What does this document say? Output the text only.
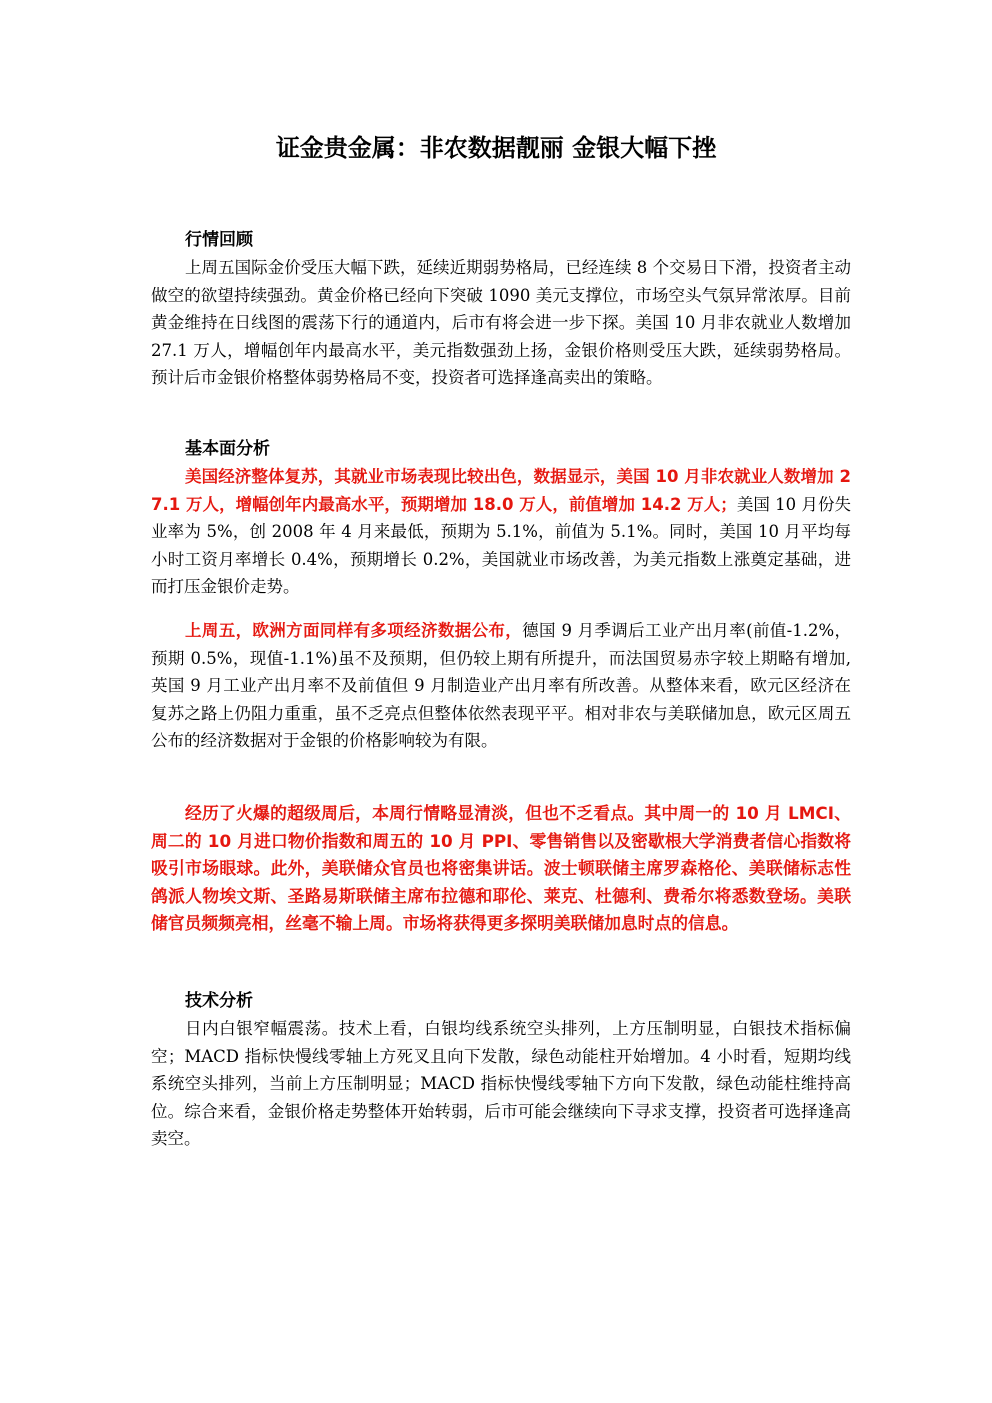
证金贵金属：非农数据靓丽 金银大幅下挫

行情回顾

上周五国际金价受压大幅下跌，延续近期弱势格局，已经连续 8 个交易日下滑，投资者主动做空的欲望持续强劲。黄金价格已经向下突破 1090 美元支撑位，市场空头气氛异常浓厚。目前黄金维持在日线图的震荡下行的通道内，后市有将会进一步下探。美国 10 月非农就业人数增加 27.1 万人，增幅创年内最高水平，美元指数强劲上扬，金银价格则受压大跌，延续弱势格局。预计后市金银价格整体弱势格局不变，投资者可选择逢高卖出的策略。

基本面分析

美国经济整体复苏，其就业市场表现比较出色，数据显示，美国 10 月非农就业人数增加 27.1 万人，增幅创年内最高水平，预期增加 18.0 万人，前值增加 14.2 万人；美国 10 月份失业率为 5%，创 2008 年 4 月来最低，预期为 5.1%，前值为 5.1%。同时，美国 10 月平均每小时工资月率增长 0.4%，预期增长 0.2%，美国就业市场改善，为美元指数上涨奠定基础，进而打压金银价走势。

上周五，欧洲方面同样有多项经济数据公布，德国 9 月季调后工业产出月率(前值-1.2%，预期 0.5%，现值-1.1%)虽不及预期，但仍较上期有所提升，而法国贸易赤字较上期略有增加,英国 9 月工业产出月率不及前值但 9 月制造业产出月率有所改善。从整体来看，欧元区经济在复苏之路上仍阻力重重，虽不乏亮点但整体依然表现平平。相对非农与美联储加息，欧元区周五公布的经济数据对于金银的价格影响较为有限。

经历了火爆的超级周后，本周行情略显清淡，但也不乏看点。其中周一的 10 月 LMCI、周二的 10 月进口物价指数和周五的 10 月 PPI、零售销售以及密歇根大学消费者信心指数将吸引市场眼球。此外，美联储众官员也将密集讲话。波士顿联储主席罗森格伦、美联储标志性鸽派人物埃文斯、圣路易斯联储主席布拉德和耶伦、莱克、杜德利、费希尔将悉数登场。美联储官员频频亮相，丝毫不输上周。市场将获得更多探明美联储加息时点的信息。

技术分析

日内白银窄幅震荡。技术上看，白银均线系统空头排列，上方压制明显，白银技术指标偏空；MACD 指标快慢线零轴上方死叉且向下发散，绿色动能柱开始增加。4 小时看，短期均线系统空头排列，当前上方压制明显；MACD 指标快慢线零轴下方向下发散，绿色动能柱维持高位。综合来看，金银价格走势整体开始转弱，后市可能会继续向下寻求支撑，投资者可选择逢高卖空。
